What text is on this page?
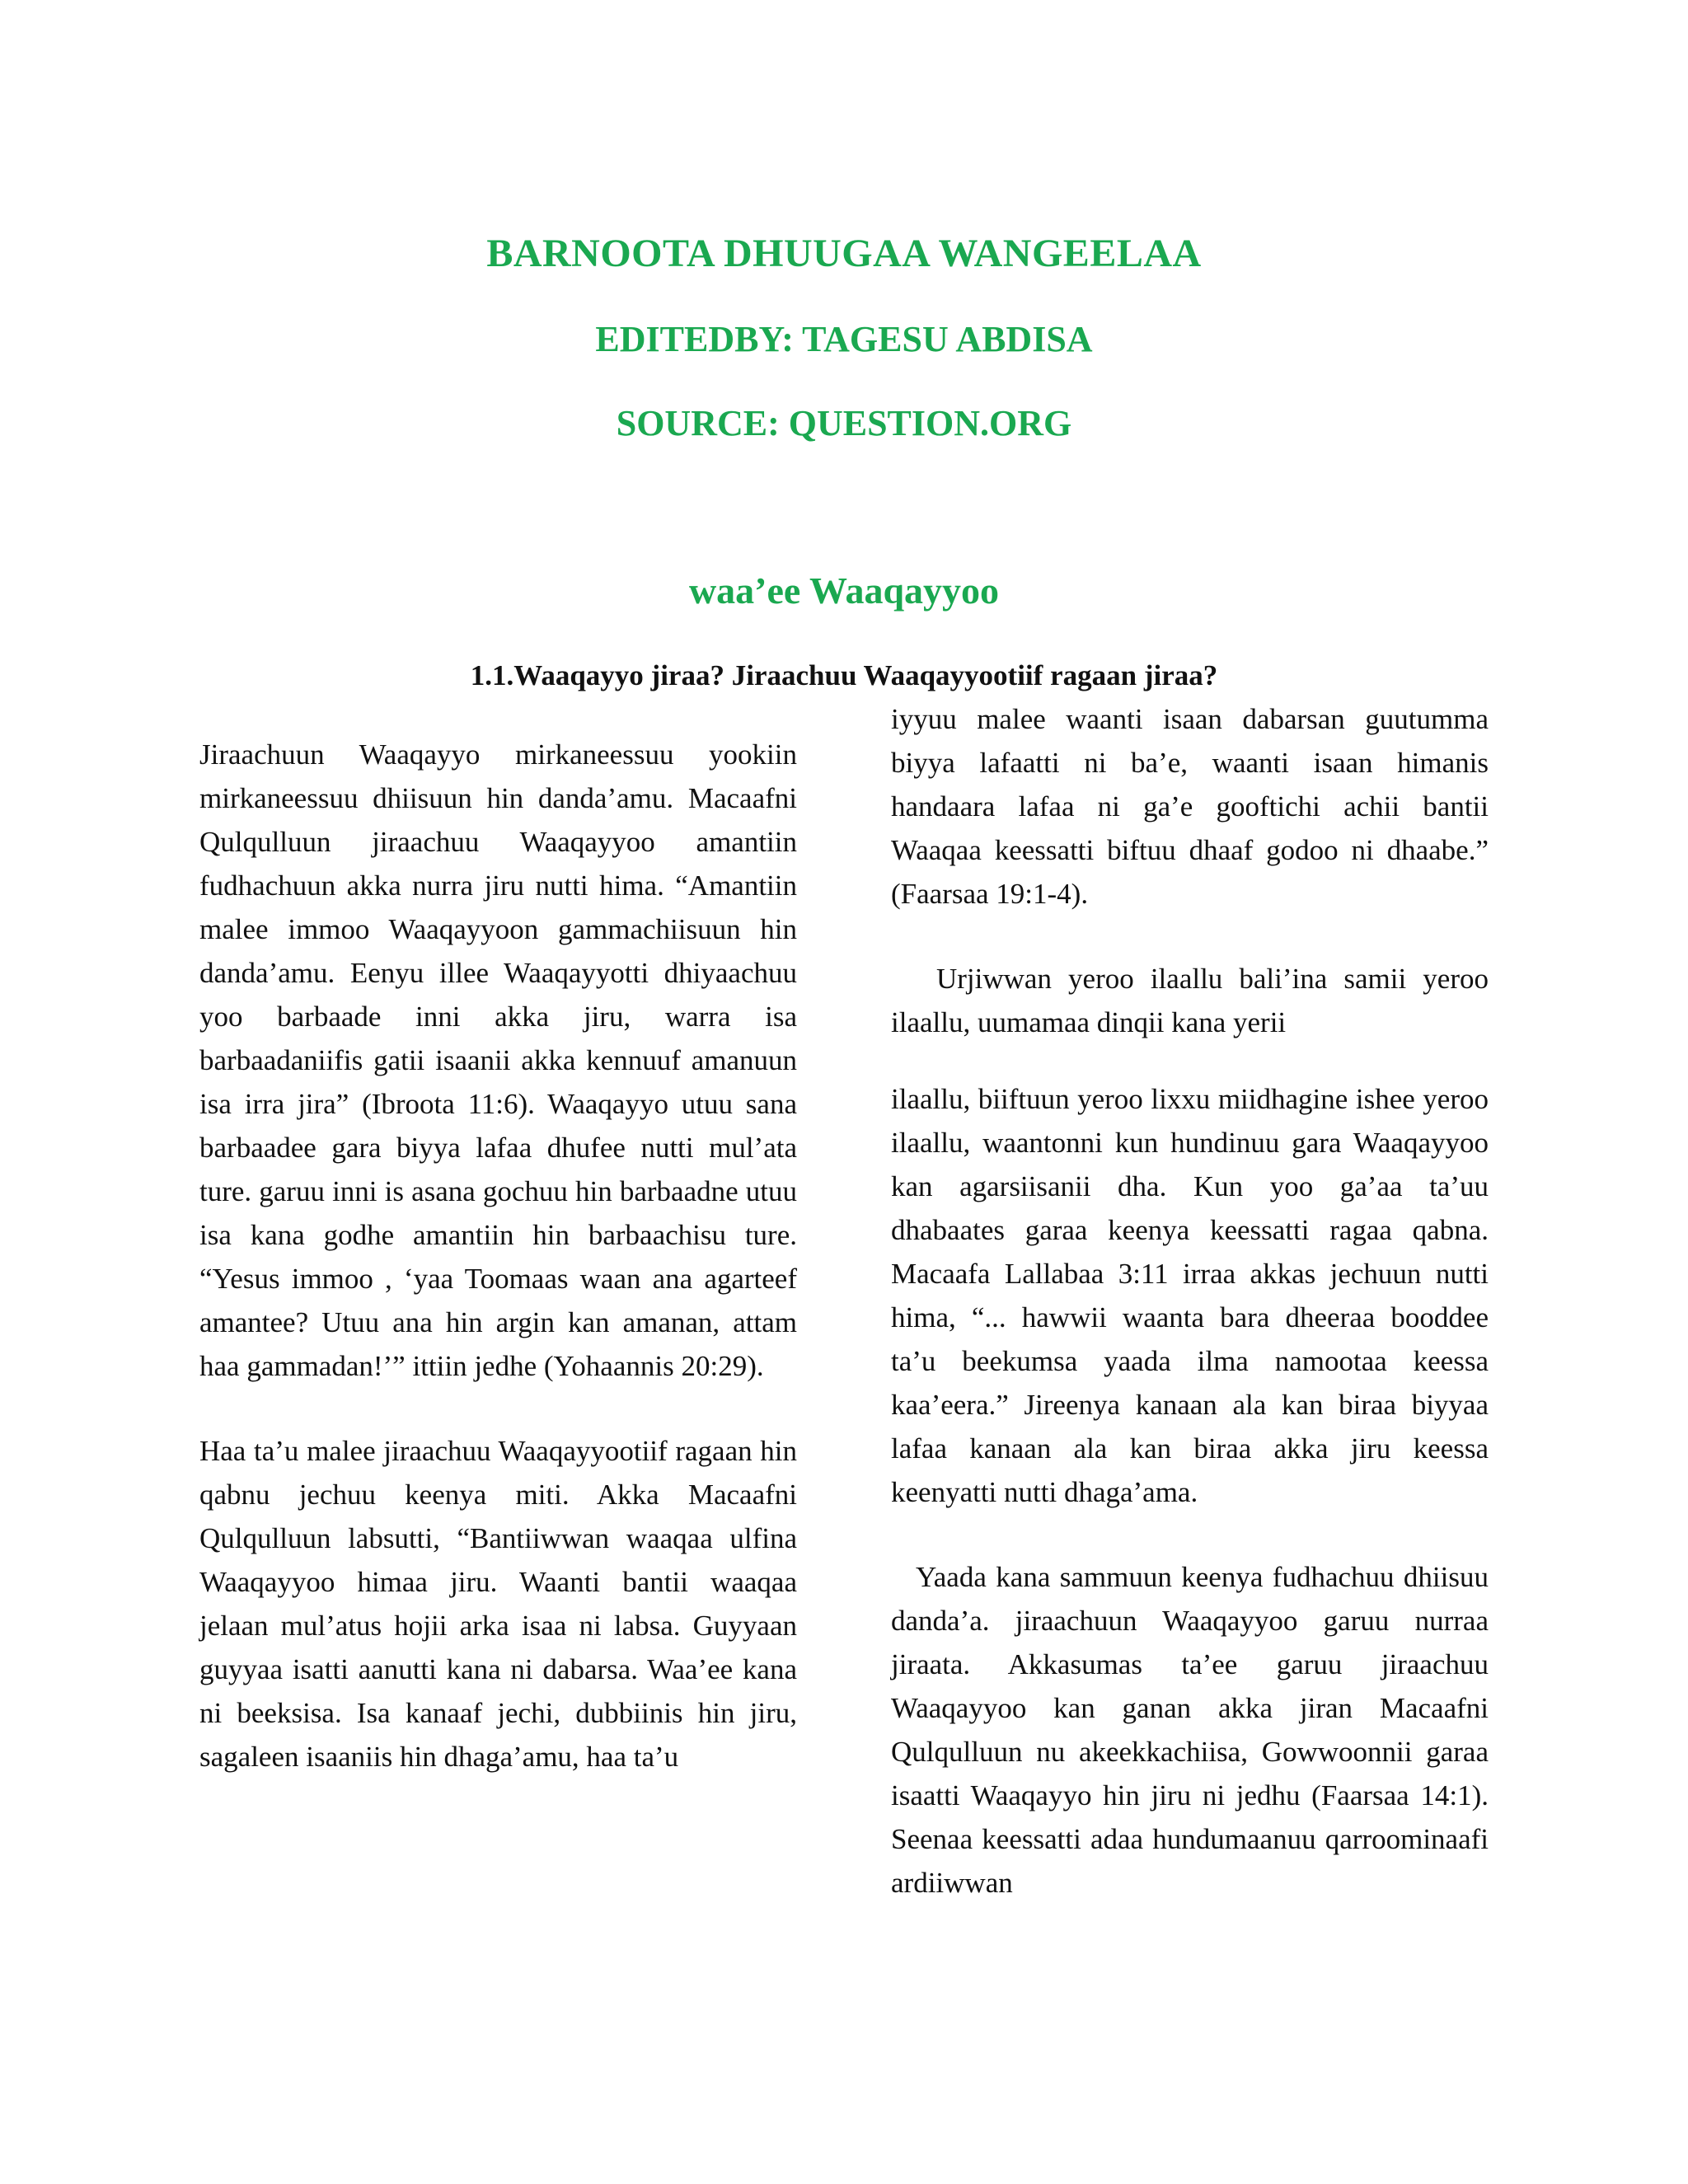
BARNOOTA DHUUGAA WANGEELAA
EDITEDBY: TAGESU ABDISA
SOURCE: QUESTION.ORG
waa’ee Waaqayyoo
1.1.Waaqayyo jiraa? Jiraachuu Waaqayyootiif ragaan jiraa?

Jiraachuun Waaqayyo mirkaneessuu yookiin mirkaneessuu dhiisuun hin danda’amu. Macaafni Qulqulluun jiraachuu Waaqayyoo amantiin fudhachuun akka nurra jiru nutti hima. “Amantiin malee immoo Waaqayyoon gammachiisuun hin danda’amu. Eenyu illee Waaqayyotti dhiyaachuu yoo barbaade inni akka jiru, warra isa barbaadaniifis gatii isaanii akka kennuuf amanuun isa irra jira” (Ibroota 11:6). Waaqayyo utuu sana barbaadee gara biyya lafaa dhufee nutti mul’ata ture. garuu inni is asana gochuu hin barbaadne utuu isa kana godhe amantiin hin barbaachisu ture. “Yesus immoo , ‘yaa Toomaas waan ana agarteef amantee? Utuu ana hin argin kan amanan, attam haa gammadan!’” ittiin jedhe (Yohaannis 20:29).

Haa ta’u malee jiraachuu Waaqayyootiif ragaan hin qabnu jechuu keenya miti. Akka Macaafni Qulqulluun labsutti, “Bantiiwwan waaqaa ulfina Waaqayyoo himaa jiru. Waanti bantii waaqaa jelaan mul’atus hojii arka isaa ni labsa. Guyyaan guyyaa isatti aanutti kana ni dabarsa. Waa’ee kana ni beeksisa. Isa kanaaf jechi, dubbiinis hin jiru, sagaleen isaaniis hin dhaga’amu, haa ta’u

iyyuu malee waanti isaan dabarsan guutumma biyya lafaatti ni ba’e, waanti isaan himanis handaara lafaa ni ga’e gooftichi achii bantii Waaqaa keessatti biftuu dhaaf godoo ni dhaabe.” (Faarsaa 19:1-4).

Urjiwwan yeroo ilaallu bali’ina samii yeroo ilaallu, uumamaa dinqii kana yerii

ilaallu, biiftuun yeroo lixxu miidhagine ishee yeroo ilaallu, waantonni kun hundinuu gara Waaqayyoo kan agarsiisanii dha. Kun yoo ga’aa ta’uu dhabaates garaa keenya keessatti ragaa qabna. Macaafa Lallabaa 3:11 irraa akkas jechuun nutti hima, “... hawwii waanta bara dheeraa booddee ta’u beekumsa yaada ilma namootaa keessa kaa’eera.” Jireenya kanaan ala kan biraa biyyaa lafaa kanaan ala kan biraa akka jiru keessa keenyatti nutti dhaga’ama.

Yaada kana sammuun keenya fudhachuu dhiisuu danda’a. jiraachuun Waaqayyoo garuu nurraa jiraata. Akkasumas ta’ee garuu jiraachuu Waaqayyoo kan ganan akka jiran Macaafni Qulqulluun nu akeekkachiisa, Gowwoonnii garaa isaatti Waaqayyo hin jiru ni jedhu (Faarsaa 14:1). Seenaa keessatti adaa hundumaanuu qarroominaafi ardiiwwan
